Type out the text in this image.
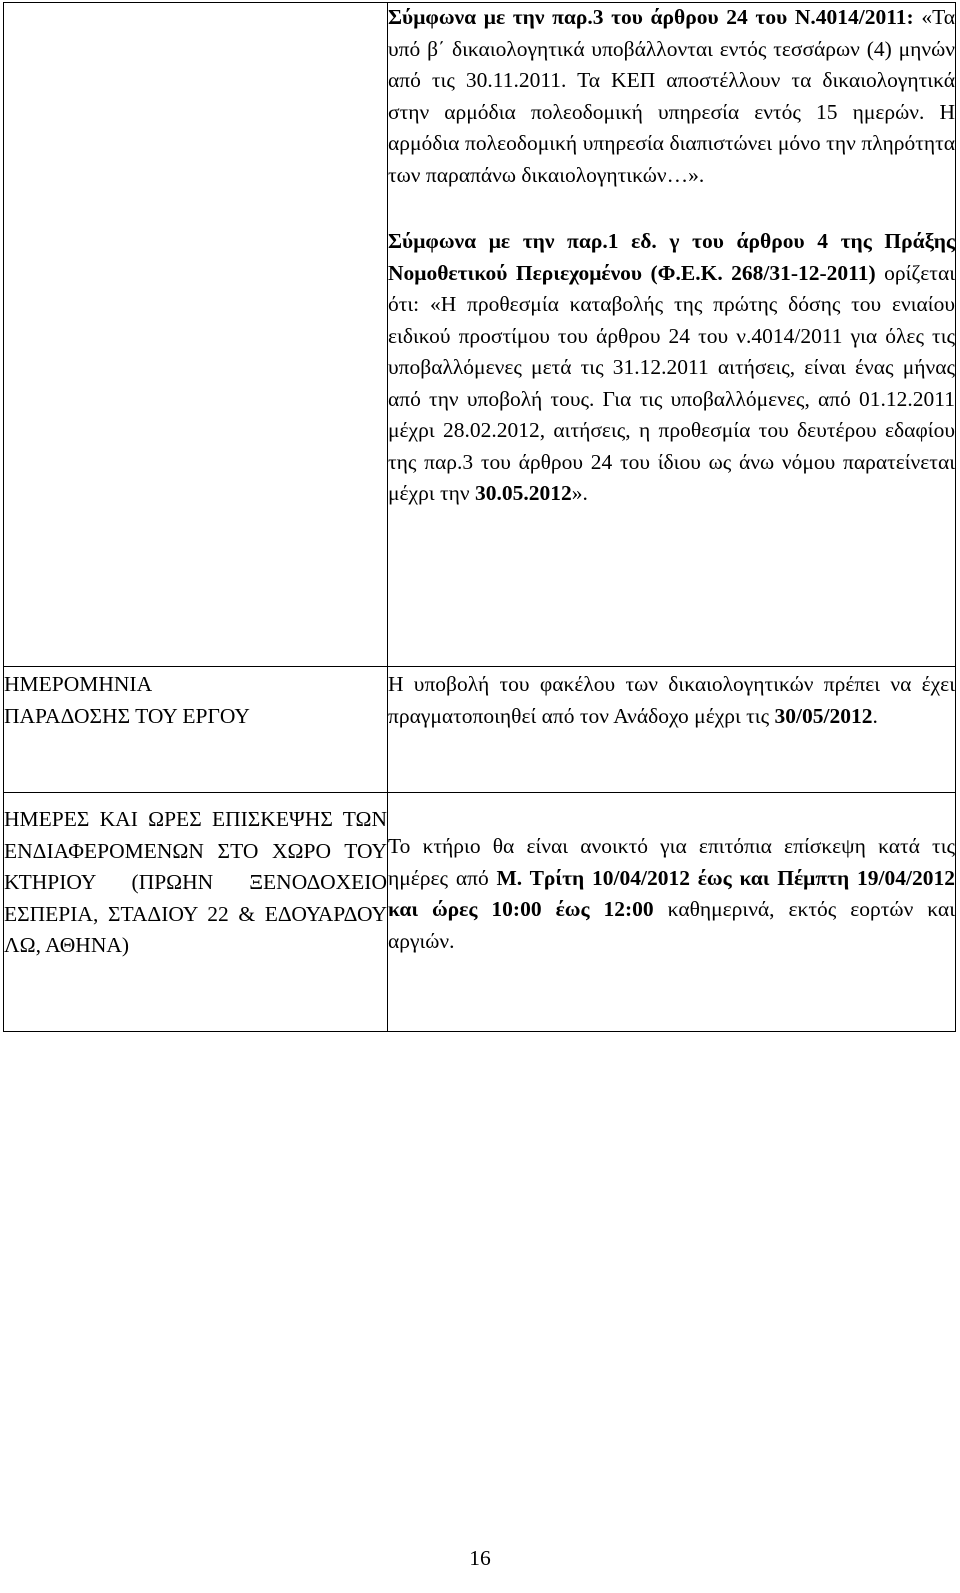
	Σύμφωνα με την παρ.3 του άρθρου 24 του Ν.4014/2011: «Τα υπό β΄ δικαιολογητικά υποβάλλονται εντός τεσσάρων (4) μηνών από τις 30.11.2011. Τα ΚΕΠ αποστέλλουν τα δικαιολογητικά στην αρμόδια πολεοδομική υπηρεσία εντός 15 ημερών. Η αρμόδια πολεοδομική υπηρεσία διαπιστώνει μόνο την πληρότητα των παραπάνω δικαιολογητικών…».

Σύμφωνα με την παρ.1 εδ. γ του άρθρου 4 της Πράξης Νομοθετικού Περιεχομένου (Φ.Ε.Κ. 268/31-12-2011) ορίζεται ότι: «Η προθεσμία καταβολής της πρώτης δόσης του ενιαίου ειδικού προστίμου του άρθρου 24 του ν.4014/2011 για όλες τις υποβαλλόμενες μετά τις 31.12.2011 αιτήσεις, είναι ένας μήνας από την υποβολή τους. Για τις υποβαλλόμενες, από 01.12.2011 μέχρι 28.02.2012, αιτήσεις, η προθεσμία του δευτέρου εδαφίου της παρ.3 του άρθρου 24 του ίδιου ως άνω νόμου παρατείνεται μέχρι την 30.05.2012».

ΗΜΕΡΟΜΗΝΙΑ
ΠΑΡΑΔΟΣΗΣ ΤΟΥ ΕΡΓΟΥ	Η υποβολή του φακέλου των δικαιολογητικών πρέπει να έχει πραγματοποιηθεί από τον Ανάδοχο μέχρι τις 30/05/2012.

ΗΜΕΡΕΣ ΚΑΙ ΩΡΕΣ ΕΠΙΣΚΕΨΗΣ ΤΩΝ ΕΝΔΙΑΦΕΡΟΜΕΝΩΝ ΣΤΟ ΧΩΡΟ ΤΟΥ ΚΤΗΡΙΟΥ (ΠΡΩΗΝ ΞΕΝΟΔΟΧΕΙΟ ΕΣΠΕΡΙΑ, ΣΤΑΔΙΟΥ 22 & ΕΔΟΥΑΡΔΟΥ ΛΩ, ΑΘΗΝΑ)	Το κτήριο θα είναι ανοικτό για επιτόπια επίσκεψη κατά τις ημέρες από Μ. Τρίτη 10/04/2012 έως και Πέμπτη 19/04/2012 και ώρες 10:00 έως 12:00 καθημερινά, εκτός εορτών και αργιών.

16
